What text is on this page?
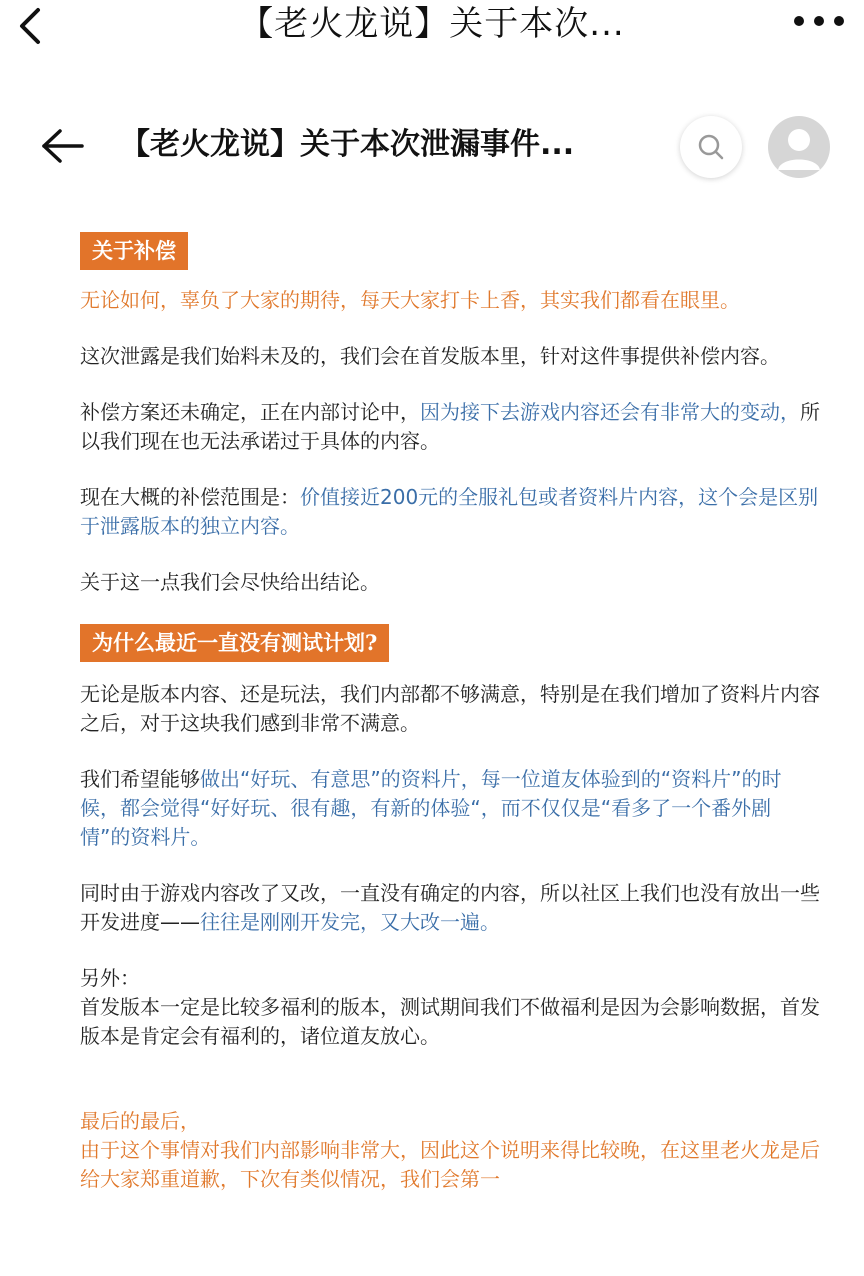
【老火龙说】关于本次...
【老火龙说】关于本次泄漏事件...
关于补偿

无论如何，辜负了大家的期待，每天大家打卡上香，其实我们都看在眼里。

这次泄露是我们始料未及的，我们会在首发版本里，针对这件事提供补偿内容。

补偿方案还未确定，正在内部讨论中，因为接下去游戏内容还会有非常大的变动，所以我们现在也无法承诺过于具体的内容。

现在大概的补偿范围是：价值接近200元的全服礼包或者资料片内容，这个会是区别于泄露版本的独立内容。

关于这一点我们会尽快给出结论。

为什么最近一直没有测试计划?

无论是版本内容、还是玩法，我们内部都不够满意，特别是在我们增加了资料片内容之后，对于这块我们感到非常不满意。

我们希望能够做出“好玩、有意思”的资料片，每一位道友体验到的“资料片”的时候，都会觉得“好好玩、很有趣，有新的体验“，而不仅仅是“看多了一个番外剧情”的资料片。

同时由于游戏内容改了又改，一直没有确定的内容，所以社区上我们也没有放出一些开发进度——往往是刚刚开发完，又大改一遍。

另外：

首发版本一定是比较多福利的版本，测试期间我们不做福利是因为会影响数据，首发版本是肯定会有福利的，诸位道友放心。

最后的最后，

由于这个事情对我们内部影响非常大，因此这个说明来得比较晚，在这里老火龙是后给大家郑重道歉，下次有类似情况，我们会第一
